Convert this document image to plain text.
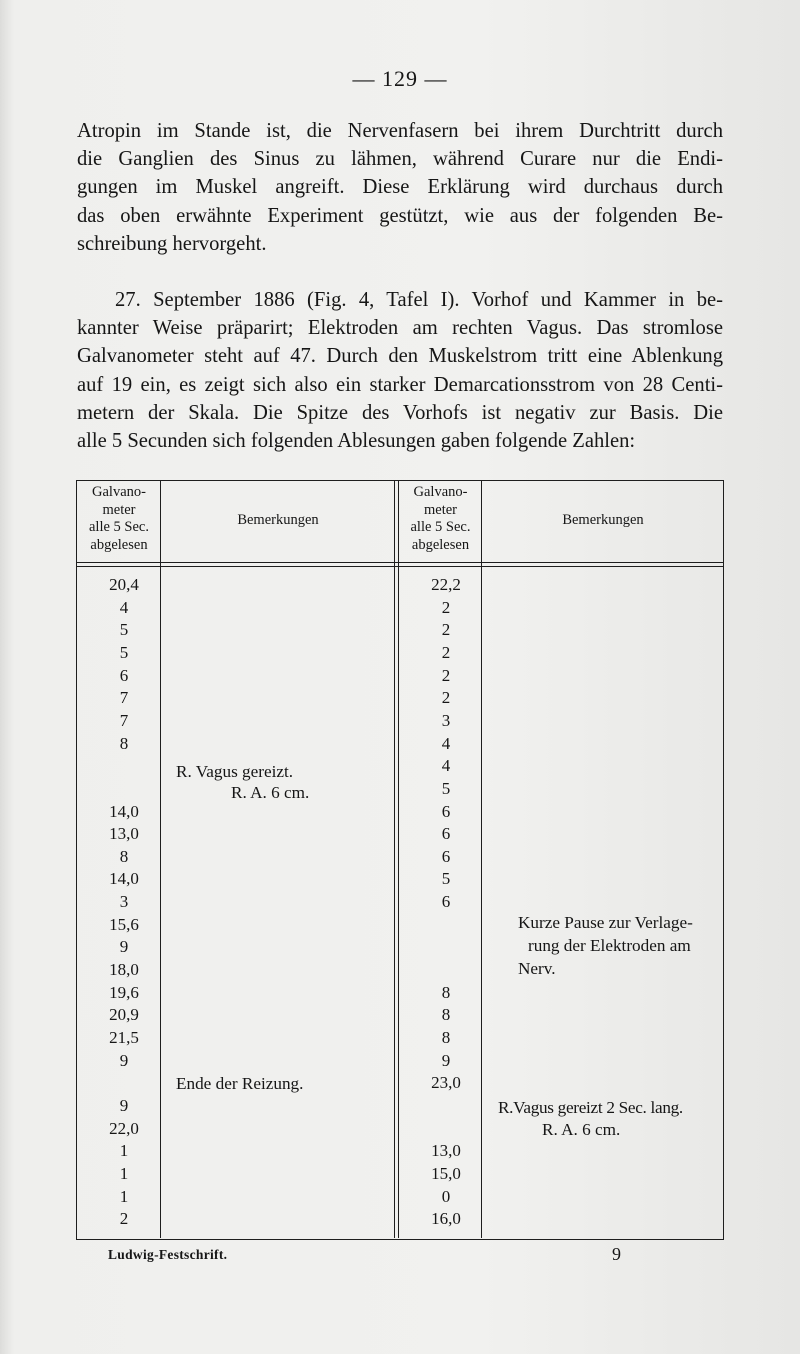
— 129 —

Atropin im Stande ist, die Nervenfasern bei ihrem Durchtritt durch
die Ganglien des Sinus zu lähmen, während Curare nur die Endi-
gungen im Muskel angreift. Diese Erklärung wird durchaus durch
das oben erwähnte Experiment gestützt, wie aus der folgenden Be-
schreibung hervorgeht.

27. September 1886 (Fig. 4, Tafel I). Vorhof und Kammer in be-
kannter Weise präparirt; Elektroden am rechten Vagus. Das stromlose
Galvanometer steht auf 47. Durch den Muskelstrom tritt eine Ablenkung
auf 19 ein, es zeigt sich also ein starker Demarcationsstrom von 28 Centi-
metern der Skala. Die Spitze des Vorhofs ist negativ zur Basis. Die
alle 5 Secunden sich folgenden Ablesungen gaben folgende Zahlen:

Galvano-
meter
alle 5 Sec.
abgelesen
Bemerkungen
Galvano-
meter
alle 5 Sec.
abgelesen
Bemerkungen
20,4
4
5
5
6
7
7
8
14,0
13,0
8
14,0
3
15,6
9
18,0
19,6
20,9
21,5
9
9
22,0
1
1
1
2
22,2
2
2
2
2
2
3
4
4
5
6
6
6
5
6
8
8
8
9
23,0
13,0
15,0
0
16,0
R. Vagus gereizt.
R. A. 6 cm.
Ende der Reizung.
Kurze Pause zur Verlage-
rung der Elektroden am
Nerv.
R.Vagus gereizt 2 Sec. lang.
R. A. 6 cm.
Ludwig-Festschrift.	9
